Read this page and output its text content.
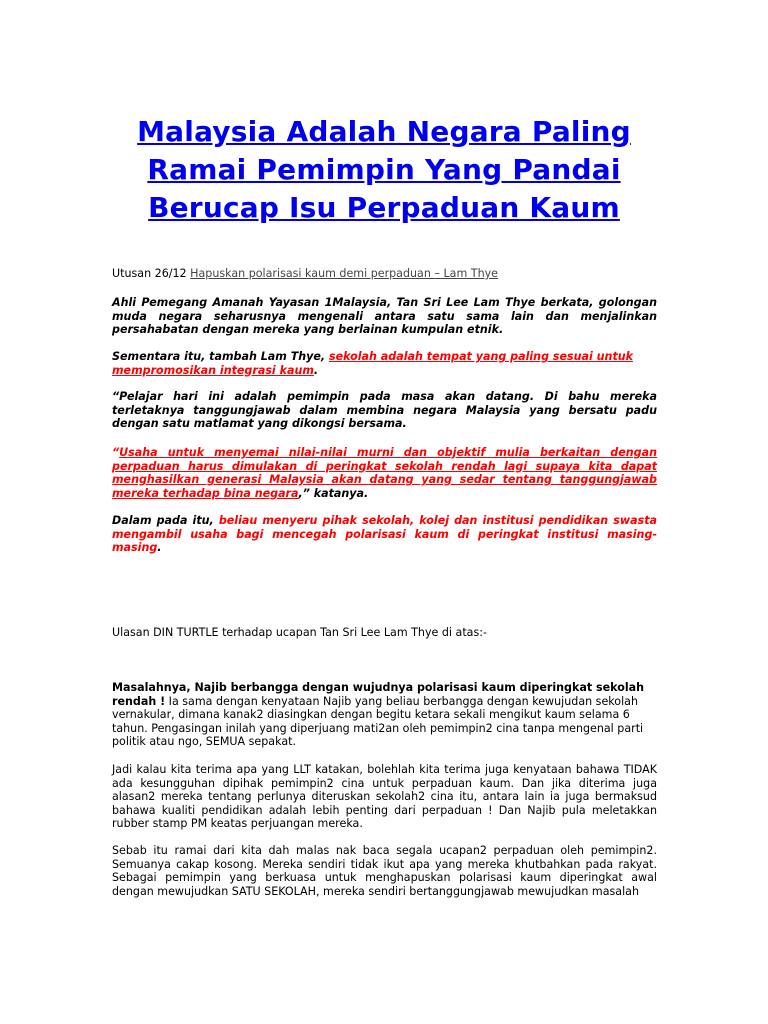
Malaysia Adalah Negara Paling Ramai Pemimpin Yang Pandai Berucap Isu Perpaduan Kaum

Utusan 26/12 Hapuskan polarisasi kaum demi perpaduan – Lam Thye

Ahli Pemegang Amanah Yayasan 1Malaysia, Tan Sri Lee Lam Thye berkata, golongan muda negara seharusnya mengenali antara satu sama lain dan menjalinkan persahabatan dengan mereka yang berlainan kumpulan etnik.

Sementara itu, tambah Lam Thye, sekolah adalah tempat yang paling sesuai untuk mempromosikan integrasi kaum.

“Pelajar hari ini adalah pemimpin pada masa akan datang. Di bahu mereka terletaknya tanggungjawab dalam membina negara Malaysia yang bersatu padu dengan satu matlamat yang dikongsi bersama.

“Usaha untuk menyemai nilai-nilai murni dan objektif mulia berkaitan dengan perpaduan harus dimulakan di peringkat sekolah rendah lagi supaya kita dapat menghasilkan generasi Malaysia akan datang yang sedar tentang tanggungjawab mereka terhadap bina negara,” katanya.

Dalam pada itu, beliau menyeru pihak sekolah, kolej dan institusi pendidikan swasta mengambil usaha bagi mencegah polarisasi kaum di peringkat institusi masing-masing.

Ulasan DIN TURTLE terhadap ucapan Tan Sri Lee Lam Thye di atas:-

Masalahnya, Najib berbangga dengan wujudnya polarisasi kaum diperingkat sekolah rendah ! Ia sama dengan kenyataan Najib yang beliau berbangga dengan kewujudan sekolah vernakular, dimana kanak2 diasingkan dengan begitu ketara sekali mengikut kaum selama 6 tahun. Pengasingan inilah yang diperjuang mati2an oleh pemimpin2 cina tanpa mengenal parti politik atau ngo, SEMUA sepakat.

Jadi kalau kita terima apa yang LLT katakan, bolehlah kita terima juga kenyataan bahawa TIDAK ada kesungguhan dipihak pemimpin2 cina untuk perpaduan kaum. Dan jika diterima juga alasan2 mereka tentang perlunya diteruskan sekolah2 cina itu, antara lain ia juga bermaksud bahawa kualiti pendidikan adalah lebih penting dari perpaduan ! Dan Najib pula meletakkan rubber stamp PM keatas perjuangan mereka.

Sebab itu ramai dari kita dah malas nak baca segala ucapan2 perpaduan oleh pemimpin2. Semuanya cakap kosong. Mereka sendiri tidak ikut apa yang mereka khutbahkan pada rakyat. Sebagai pemimpin yang berkuasa untuk menghapuskan polarisasi kaum diperingkat awal dengan mewujudkan SATU SEKOLAH, mereka sendiri bertanggungjawab mewujudkan masalah
